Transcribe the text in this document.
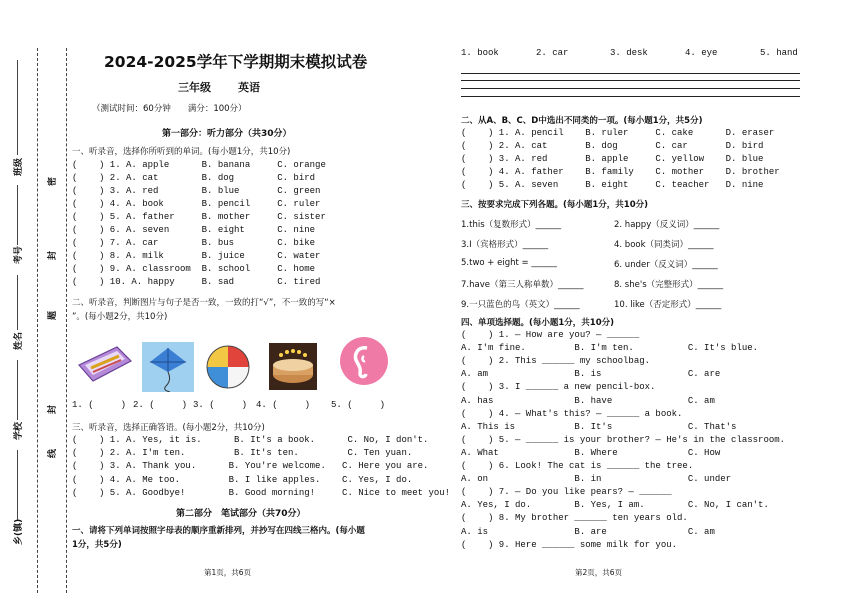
班级
考号
姓名
学校
乡(镇)
密
封
题
封
线
2024-2025学年下学期期末模拟试卷
三年级 英语
（测试时间：60分钟　　满分：100分）
第一部分：听力部分（共30分）
一、听录音，选择你所听到的单词。(每小题1分，共10分)
(    ) 1. A. apple      B. banana     C. orange
(    ) 2. A. cat        B. dog        C. bird
(    ) 3. A. red        B. blue       C. green
(    ) 4. A. book       B. pencil     C. ruler
(    ) 5. A. father     B. mother     C. sister
(    ) 6. A. seven      B. eight      C. nine
(    ) 7. A. car        B. bus        C. bike
(    ) 8. A. milk       B. juice      C. water
(    ) 9. A. classroom  B. school     C. home
(    ) 10. A. happy     B. sad        C. tired
二、听录音，判断图片与句子是否一致，一致的打“√”，不一致的写“×
”。(每小题2分，共10分)
1. (     ) 2. (     ) 3. (     ) 4. (     ) 5. (     )
三、听录音，选择正确答语。(每小题2分，共10分)
(    ) 1. A. Yes, it is.      B. It's a book.      C. No, I don't.
(    ) 2. A. I'm ten.         B. It's ten.         C. Ten yuan.
(    ) 3. A. Thank you.      B. You're welcome.   C. Here you are.
(    ) 4. A. Me too.         B. I like apples.    C. Yes, I do.
(    ) 5. A. Goodbye!        B. Good morning!     C. Nice to meet you!
第二部分　笔试部分（共70分）
一、请将下列单词按照字母表的顺序重新排列，并抄写在四线三格内。(每小题
1分，共5分)
第1页，共6页
1. book	2. car	3. desk	4. eye	5. hand
二、从A、B、C、D中选出不同类的一项。(每小题1分，共5分)
(    ) 1. A. pencil    B. ruler     C. cake      D. eraser
(    ) 2. A. cat       B. dog       C. car       D. bird
(    ) 3. A. red       B. apple     C. yellow    D. blue
(    ) 4. A. father    B. family    C. mother    D. brother
(    ) 5. A. seven     B. eight     C. teacher   D. nine
三、按要求完成下列各题。(每小题1分，共10分)
1.this（复数形式）______
3.I（宾格形式）______
5.two + eight = ______
7.have（第三人称单数）______
9.一只蓝色的鸟（英文）______
2. happy（反义词）______
4. book（同类词）______
6. under（反义词）______
8. she's（完整形式）______
10. like（否定形式）______
四、单项选择题。(每小题1分，共10分)
(    ) 1. — How are you? — ______
A. I'm fine.         B. I'm ten.          C. It's blue.
(    ) 2. This ______ my schoolbag.
A. am                B. is                C. are
(    ) 3. I ______ a new pencil-box.
A. has               B. have              C. am
(    ) 4. — What's this? — ______ a book.
A. This is           B. It's              C. That's
(    ) 5. — ______ is your brother? — He's in the classroom.
A. What              B. Where             C. How
(    ) 6. Look! The cat is ______ the tree.
A. on                B. in                C. under
(    ) 7. — Do you like pears? — ______
A. Yes, I do.        B. Yes, I am.        C. No, I can't.
(    ) 8. My brother ______ ten years old.
A. is                B. are               C. am
(    ) 9. Here ______ some milk for you.
第2页，共6页
